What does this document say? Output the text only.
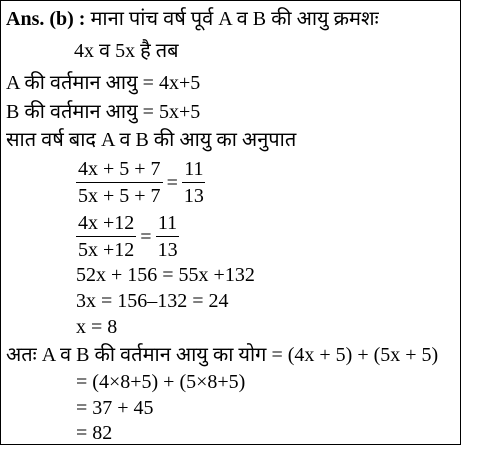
Ans. (b) : माना पांच वर्ष पूर्व A व B की आयु क्रमशः
4x व 5x है तब
A की वर्तमान आयु = 4x+5
B की वर्तमान आयु = 5x+5
सात वर्ष बाद A व B की आयु का अनुपात
$\frac{4x + 5 + 7}{5x + 5 + 7} = \frac{11}{13}$
$\frac{4x +12}{5x +12} = \frac{11}{13}$
52x + 156 = 55x +132
3x = 156–132 = 24
x = 8
अतः A व B की वर्तमान आयु का योग = (4x + 5) + (5x + 5)
= (4×8+5) + (5×8+5)
= 37 + 45
= 82
